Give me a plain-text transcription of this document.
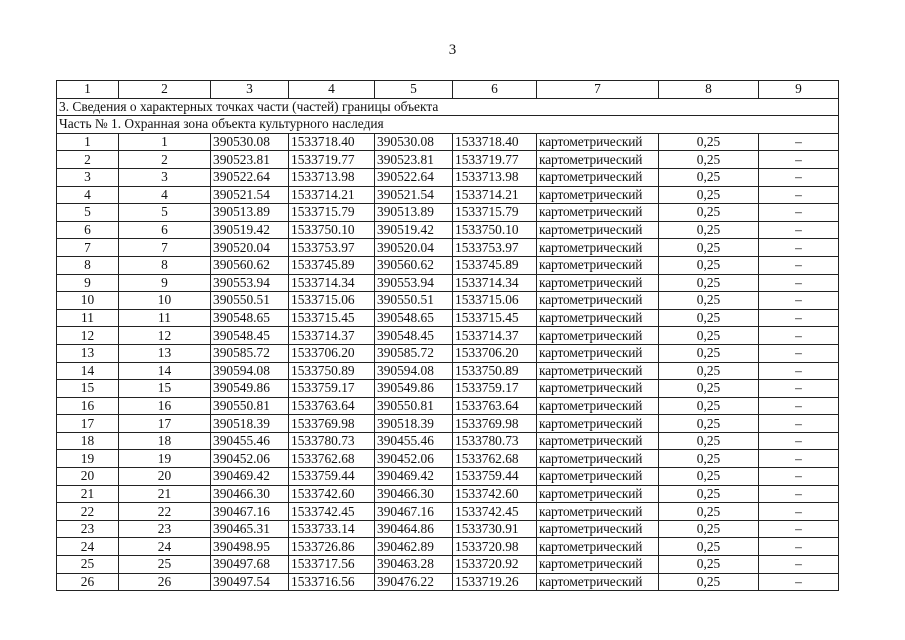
3
1	2	3	4	5	6	7	8	9
3. Сведения о характерных точках части (частей) границы объекта								
Часть № 1. Охранная зона объекта культурного наследия								
1	1	390530.08	1533718.40	390530.08	1533718.40	картометрический	0,25	–
2	2	390523.81	1533719.77	390523.81	1533719.77	картометрический	0,25	–
3	3	390522.64	1533713.98	390522.64	1533713.98	картометрический	0,25	–
4	4	390521.54	1533714.21	390521.54	1533714.21	картометрический	0,25	–
5	5	390513.89	1533715.79	390513.89	1533715.79	картометрический	0,25	–
6	6	390519.42	1533750.10	390519.42	1533750.10	картометрический	0,25	–
7	7	390520.04	1533753.97	390520.04	1533753.97	картометрический	0,25	–
8	8	390560.62	1533745.89	390560.62	1533745.89	картометрический	0,25	–
9	9	390553.94	1533714.34	390553.94	1533714.34	картометрический	0,25	–
10	10	390550.51	1533715.06	390550.51	1533715.06	картометрический	0,25	–
11	11	390548.65	1533715.45	390548.65	1533715.45	картометрический	0,25	–
12	12	390548.45	1533714.37	390548.45	1533714.37	картометрический	0,25	–
13	13	390585.72	1533706.20	390585.72	1533706.20	картометрический	0,25	–
14	14	390594.08	1533750.89	390594.08	1533750.89	картометрический	0,25	–
15	15	390549.86	1533759.17	390549.86	1533759.17	картометрический	0,25	–
16	16	390550.81	1533763.64	390550.81	1533763.64	картометрический	0,25	–
17	17	390518.39	1533769.98	390518.39	1533769.98	картометрический	0,25	–
18	18	390455.46	1533780.73	390455.46	1533780.73	картометрический	0,25	–
19	19	390452.06	1533762.68	390452.06	1533762.68	картометрический	0,25	–
20	20	390469.42	1533759.44	390469.42	1533759.44	картометрический	0,25	–
21	21	390466.30	1533742.60	390466.30	1533742.60	картометрический	0,25	–
22	22	390467.16	1533742.45	390467.16	1533742.45	картометрический	0,25	–
23	23	390465.31	1533733.14	390464.86	1533730.91	картометрический	0,25	–
24	24	390498.95	1533726.86	390462.89	1533720.98	картометрический	0,25	–
25	25	390497.68	1533717.56	390463.28	1533720.92	картометрический	0,25	–
26	26	390497.54	1533716.56	390476.22	1533719.26	картометрический	0,25	–
